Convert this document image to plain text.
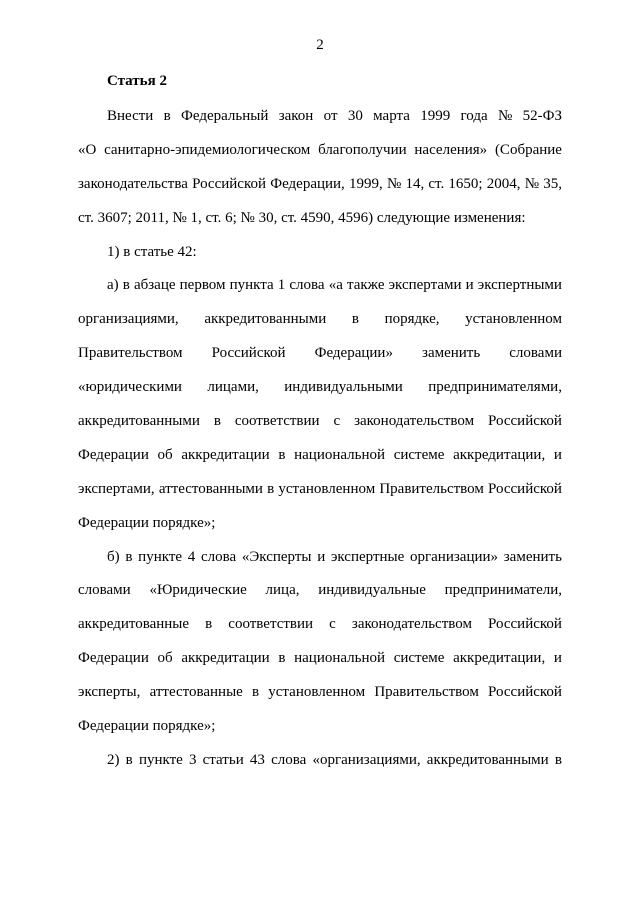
2
Статья 2
Внести в Федеральный закон от 30 марта 1999 года № 52-ФЗ
«О санитарно-эпидемиологическом благополучии населения» (Собрание
законодательства Российской Федерации, 1999, № 14, ст. 1650; 2004, № 35,
ст. 3607; 2011, № 1, ст. 6; № 30, ст. 4590, 4596) следующие изменения:
1) в статье 42:
а) в абзаце первом пункта 1 слова «а также экспертами и экспертными
организациями, аккредитованными в порядке, установленном
Правительством Российской Федерации» заменить словами
«юридическими лицами, индивидуальными предпринимателями,
аккредитованными в соответствии с законодательством Российской
Федерации об аккредитации в национальной системе аккредитации, и
экспертами, аттестованными в установленном Правительством Российской
Федерации порядке»;
б) в пункте 4 слова «Эксперты и экспертные организации» заменить
словами «Юридические лица, индивидуальные предприниматели,
аккредитованные в соответствии с законодательством Российской
Федерации об аккредитации в национальной системе аккредитации, и
эксперты, аттестованные в установленном Правительством Российской
Федерации порядке»;
2) в пункте 3 статьи 43 слова «организациями, аккредитованными в
